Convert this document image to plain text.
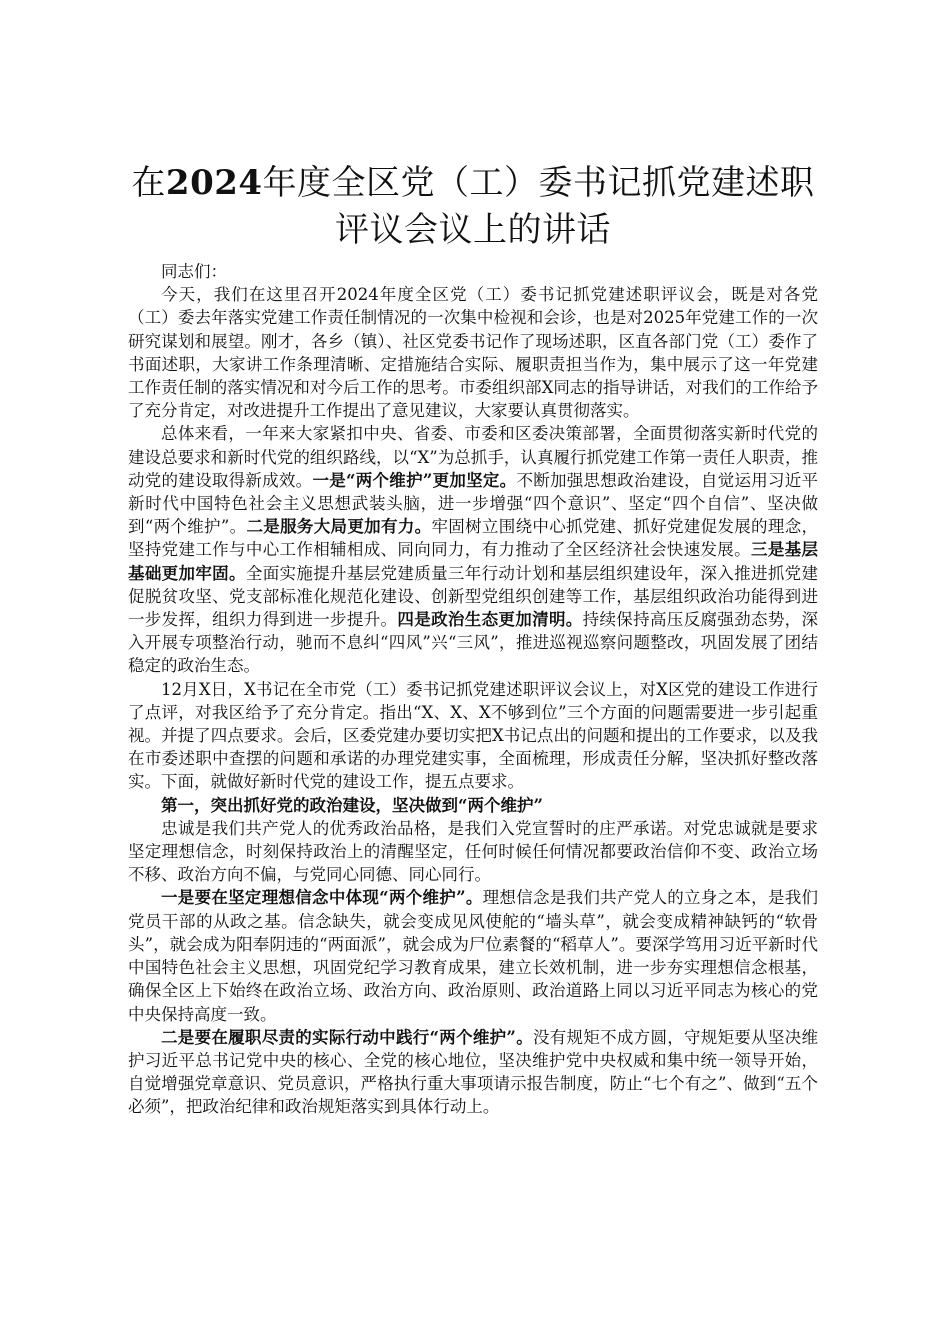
在2024年度全区党（工）委书记抓党建述职
评议会议上的讲话

同志们：

今天，我们在这里召开2024年度全区党（工）委书记抓党建述职评议会，既是对各党（工）委去年落实党建工作责任制情况的一次集中检视和会诊，也是对2025年党建工作的一次研究谋划和展望。刚才，各乡（镇）、社区党委书记作了现场述职，区直各部门党（工）委作了书面述职，大家讲工作条理清晰、定措施结合实际、履职责担当作为，集中展示了这一年党建工作责任制的落实情况和对今后工作的思考。市委组织部X同志的指导讲话，对我们的工作给予了充分肯定，对改进提升工作提出了意见建议，大家要认真贯彻落实。

总体来看，一年来大家紧扣中央、省委、市委和区委决策部署，全面贯彻落实新时代党的建设总要求和新时代党的组织路线，以“X”为总抓手，认真履行抓党建工作第一责任人职责，推动党的建设取得新成效。一是“两个维护”更加坚定。不断加强思想政治建设，自觉运用习近平新时代中国特色社会主义思想武装头脑，进一步增强“四个意识”、坚定“四个自信”、坚决做到“两个维护”。二是服务大局更加有力。牢固树立围绕中心抓党建、抓好党建促发展的理念，坚持党建工作与中心工作相辅相成、同向同力，有力推动了全区经济社会快速发展。三是基层基础更加牢固。全面实施提升基层党建质量三年行动计划和基层组织建设年，深入推进抓党建促脱贫攻坚、党支部标准化规范化建设、创新型党组织创建等工作，基层组织政治功能得到进一步发挥，组织力得到进一步提升。四是政治生态更加清明。持续保持高压反腐强劲态势，深入开展专项整治行动，驰而不息纠“四风”兴“三风”，推进巡视巡察问题整改，巩固发展了团结稳定的政治生态。

12月X日，X书记在全市党（工）委书记抓党建述职评议会议上，对X区党的建设工作进行了点评，对我区给予了充分肯定。指出“X、X、X不够到位”三个方面的问题需要进一步引起重视。并提了四点要求。会后，区委党建办要切实把X书记点出的问题和提出的工作要求，以及我在市委述职中查摆的问题和承诺的办理党建实事，全面梳理，形成责任分解，坚决抓好整改落实。下面，就做好新时代党的建设工作，提五点要求。

第一，突出抓好党的政治建设，坚决做到“两个维护”

忠诚是我们共产党人的优秀政治品格，是我们入党宣誓时的庄严承诺。对党忠诚就是要求坚定理想信念，时刻保持政治上的清醒坚定，任何时候任何情况都要政治信仰不变、政治立场不移、政治方向不偏，与党同心同德、同心同行。

一是要在坚定理想信念中体现“两个维护”。理想信念是我们共产党人的立身之本，是我们党员干部的从政之基。信念缺失，就会变成见风使舵的“墙头草”，就会变成精神缺钙的“软骨头”，就会成为阳奉阴违的“两面派”，就会成为尸位素餐的“稻草人”。要深学笃用习近平新时代中国特色社会主义思想，巩固党纪学习教育成果，建立长效机制，进一步夯实理想信念根基，确保全区上下始终在政治立场、政治方向、政治原则、政治道路上同以习近平同志为核心的党中央保持高度一致。

二是要在履职尽责的实际行动中践行“两个维护”。没有规矩不成方圆，守规矩要从坚决维护习近平总书记党中央的核心、全党的核心地位，坚决维护党中央权威和集中统一领导开始，自觉增强党章意识、党员意识，严格执行重大事项请示报告制度，防止“七个有之”、做到“五个必须”，把政治纪律和政治规矩落实到具体行动上。
